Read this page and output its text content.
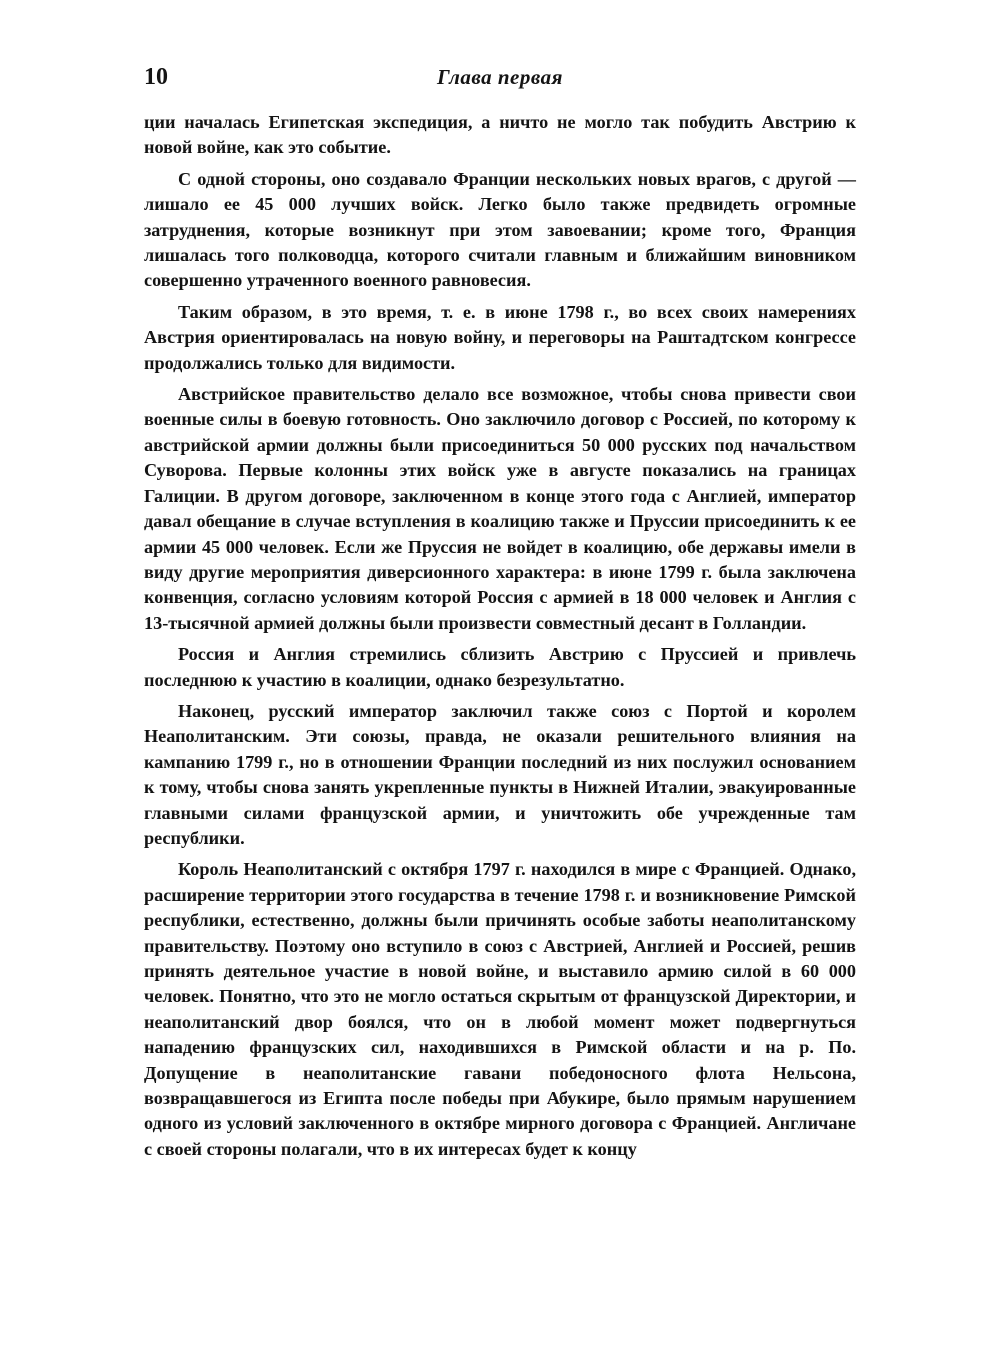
10	Глава первая

ции началась Египетская экспедиция, а ничто не могло так побудить Австрию к новой войне, как это событие.

С одной стороны, оно создавало Франции нескольких новых врагов, с другой — лишало ее 45 000 лучших войск. Легко было также предвидеть огромные затруднения, которые возникнут при этом завоевании; кроме того, Франция лишалась того полководца, которого считали главным и ближайшим виновником совершенно утраченного военного равновесия.

Таким образом, в это время, т. е. в июне 1798 г., во всех своих намерениях Австрия ориентировалась на новую войну, и переговоры на Раштадтском конгрессе продолжались только для видимости.

Австрийское правительство делало все возможное, чтобы снова привести свои военные силы в боевую готовность. Оно заключило договор с Россией, по которому к австрийской армии должны были присоединиться 50 000 русских под начальством Суворова. Первые колонны этих войск уже в августе показались на границах Галиции. В другом договоре, заключенном в конце этого года с Англией, император давал обещание в случае вступления в коалицию также и Пруссии присоединить к ее армии 45 000 человек. Если же Пруссия не войдет в коалицию, обе державы имели в виду другие мероприятия диверсионного характера: в июне 1799 г. была заключена конвенция, согласно условиям которой Россия с армией в 18 000 человек и Англия с 13-тысячной армией должны были произвести совместный десант в Голландии.

Россия и Англия стремились сблизить Австрию с Пруссией и привлечь последнюю к участию в коалиции, однако безрезультатно.

Наконец, русский император заключил также союз с Портой и королем Неаполитанским. Эти союзы, правда, не оказали решительного влияния на кампанию 1799 г., но в отношении Франции последний из них послужил основанием к тому, чтобы снова занять укрепленные пункты в Нижней Италии, эвакуированные главными силами французской армии, и уничтожить обе учрежденные там республики.

Король Неаполитанский с октября 1797 г. находился в мире с Францией. Однако, расширение территории этого государства в течение 1798 г. и возникновение Римской республики, естественно, должны были причинять особые заботы неаполитанскому правительству. Поэтому оно вступило в союз с Австрией, Англией и Россией, решив принять деятельное участие в новой войне, и выставило армию силой в 60 000 человек. Понятно, что это не могло остаться скрытым от французской Директории, и неаполитанский двор боялся, что он в любой момент может подвергнуться нападению французских сил, находившихся в Римской области и на р. По. Допущение в неаполитанские гавани победоносного флота Нельсона, возвращавшегося из Египта после победы при Абукире, было прямым нарушением одного из условий заключенного в октябре мирного договора с Францией. Англичане с своей стороны полагали, что в их интересах будет к концу
